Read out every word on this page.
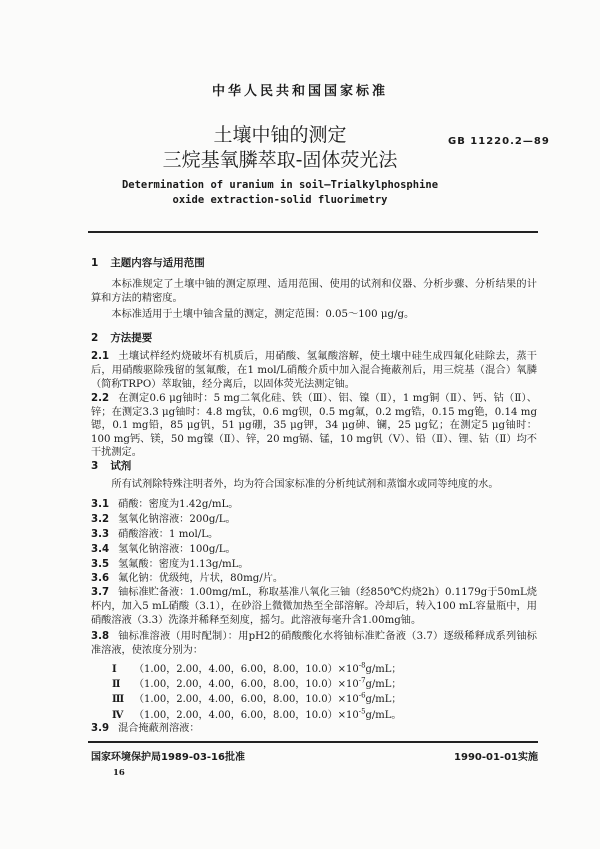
中华人民共和国国家标准
土壤中铀的测定
三烷基氧膦萃取-固体荧光法
GB 11220.2—89
Determination of uranium in soil—Trialkylphosphine
oxide extraction-solid fluorimetry
1 主题内容与适用范围
本标准规定了土壤中铀的测定原理、适用范围、使用的试剂和仪器、分析步骤、分析结果的计算和方法的精密度。
本标准适用于土壤中铀含量的测定，测定范围：0.05～100 μg/g。
2 方法提要
2.1 土壤试样经灼烧破坏有机质后，用硝酸、氢氟酸溶解，使土壤中硅生成四氟化硅除去，蒸干后，用硝酸驱除残留的氢氟酸，在1 mol/L硝酸介质中加入混合掩蔽剂后，用三烷基（混合）氧膦（简称TRPO）萃取铀，经分离后，以固体荧光法测定铀。
2.2 在测定0.6 μg铀时：5 mg二氧化硅、铁（Ⅲ）、铝、镍（Ⅱ），1 mg铜（Ⅱ）、钙、钴（Ⅱ）、锌；在测定3.3 μg铀时：4.8 mg钛，0.6 mg钡，0.5 mg氟，0.2 mg锆，0.15 mg铯，0.14 mg锶，0.1 mg铅，85 μg钒，51 μg硼，35 μg钾，34 μg砷、镧，25 μg钇；在测定5 μg铀时：100 mg钙、镁，50 mg镍（Ⅱ）、锌，20 mg镉、锰，10 mg钒（Ⅴ）、铅（Ⅱ）、锂、钴（Ⅱ）均不干扰测定。
3 试剂
所有试剂除特殊注明者外，均为符合国家标准的分析纯试剂和蒸馏水或同等纯度的水。
3.1 硝酸：密度为1.42g/mL。
3.2 氢氧化钠溶液：200g/L。
3.3 硝酸溶液：1 mol/L。
3.4 氢氧化钠溶液：100g/L。
3.5 氢氟酸：密度为1.13g/mL。
3.6 氟化钠：优级纯，片状，80mg/片。
3.7 铀标准贮备液：1.00mg/mL，称取基准八氧化三铀（经850℃灼烧2h）0.1179g于50mL烧杯内，加入5 mL硝酸（3.1），在砂浴上微微加热至全部溶解。冷却后，转入100 mL容量瓶中，用硝酸溶液（3.3）洗涤并稀释至刻度，摇匀。此溶液每毫升含1.00mg铀。
3.8 铀标准溶液（用时配制）：用pH2的硝酸酸化水将铀标准贮备液（3.7）逐级稀释成系列铀标准溶液，使浓度分别为：
Ⅰ （1.00，2.00，4.00，6.00，8.00，$10.0)\times 10^{-8}g/mL$；
Ⅱ （1.00，2.00，4.00，6.00，8.00，$10.0)\times 10^{-7}g/mL$；
Ⅲ （1.00，2.00，4.00，6.00，8.00，$10.0)\times 10^{-6}g/mL$；
Ⅳ （1.00，2.00，4.00，6.00，8.00，$10.0)\times 10^{-5}g/mL$。
3.9 混合掩蔽剂溶液：
国家环境保护局1989-03-16批准	1990-01-01实施
16
